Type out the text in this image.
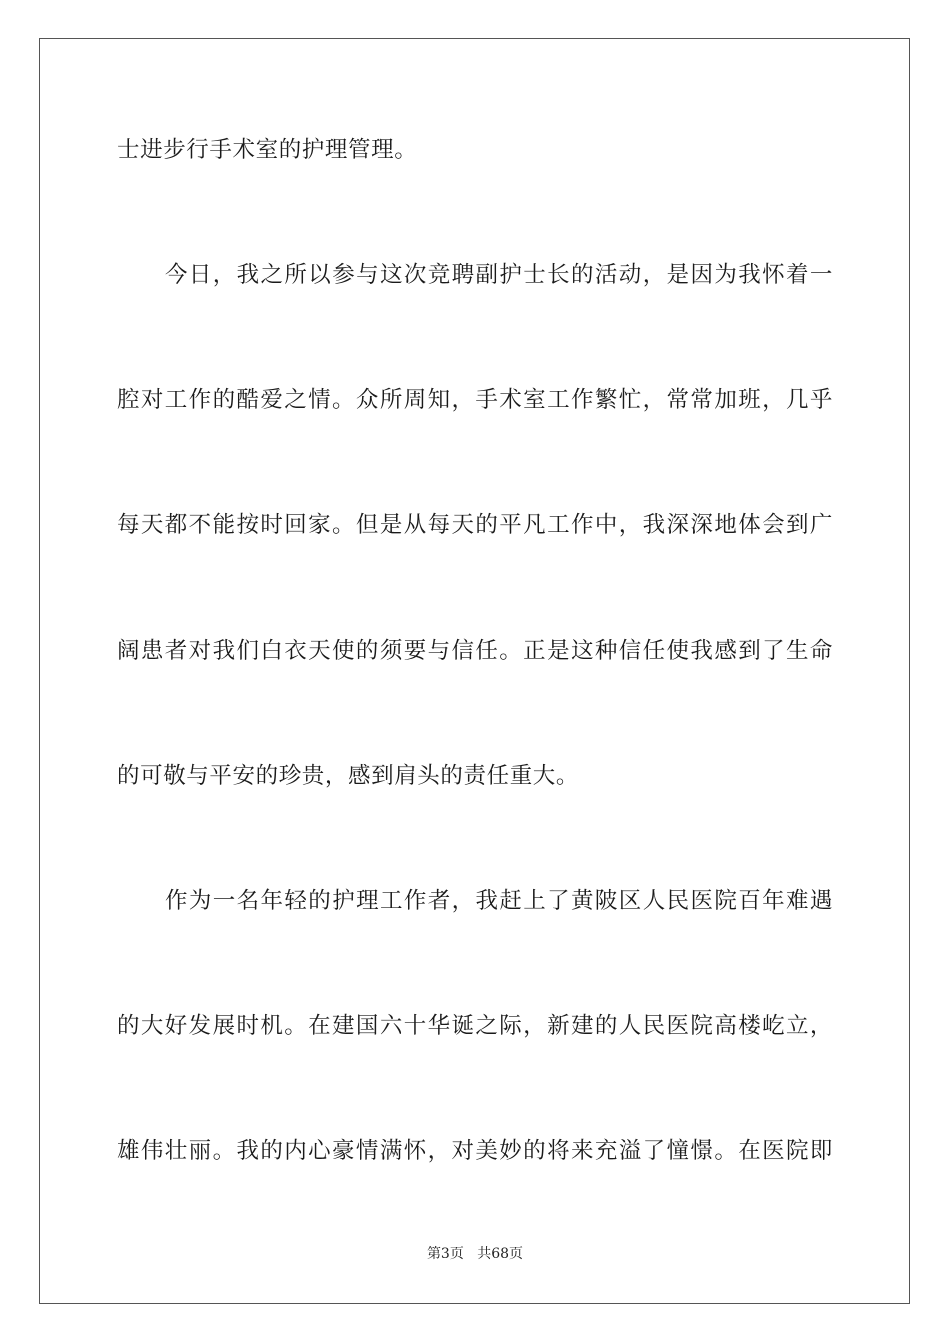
士进步行手术室的护理管理。
今日，我之所以参与这次竞聘副护士长的活动，是因为我怀着一
腔对工作的酷爱之情。众所周知，手术室工作繁忙，常常加班，几乎
每天都不能按时回家。但是从每天的平凡工作中，我深深地体会到广
阔患者对我们白衣天使的须要与信任。正是这种信任使我感到了生命
的可敬与平安的珍贵，感到肩头的责任重大。
作为一名年轻的护理工作者，我赶上了黄陂区人民医院百年难遇
的大好发展时机。在建国六十华诞之际，新建的人民医院高楼屹立，
雄伟壮丽。我的内心豪情满怀，对美妙的将来充溢了憧憬。在医院即
第3页 共68页
